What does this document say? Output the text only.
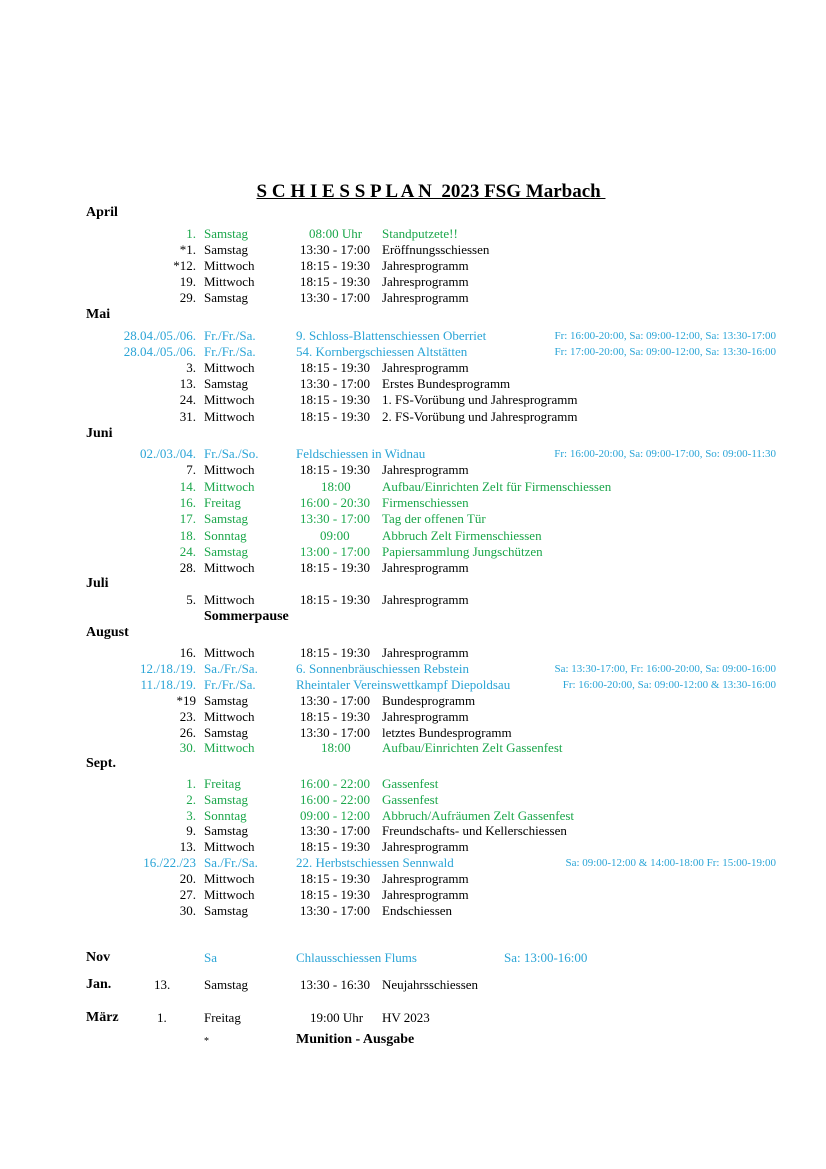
S C H I E S S P L A N  2023 FSG Marbach
April
1. Samstag	08:00 Uhr Standputzete!!
*1. Samstag	13:30 - 17:00 Eröffnungsschiessen
*12. Mittwoch	18:15 - 19:30 Jahresprogramm
19. Mittwoch	18:15 - 19:30 Jahresprogramm
29. Samstag	13:30 - 17:00 Jahresprogramm
Mai
28.04./05./06. Fr./Fr./Sa.	9. Schloss-Blattenschiessen Oberriet	Fr: 16:00-20:00, Sa: 09:00-12:00, Sa: 13:30-17:00
28.04./05./06. Fr./Fr./Sa.	54. Kornbergschiessen Altstätten	Fr: 17:00-20:00, Sa: 09:00-12:00, Sa: 13:30-16:00
3. Mittwoch	18:15 - 19:30 Jahresprogramm
13. Samstag	13:30 - 17:00 Erstes Bundesprogramm
24. Mittwoch	18:15 - 19:30 1. FS-Vorübung und Jahresprogramm
31. Mittwoch	18:15 - 19:30 2. FS-Vorübung und Jahresprogramm
Juni
02./03./04. Fr./Sa./So.	Feldschiessen in Widnau	Fr: 16:00-20:00, Sa: 09:00-17:00, So: 09:00-11:30
7. Mittwoch	18:15 - 19:30 Jahresprogramm
14. Mittwoch	18:00 Aufbau/Einrichten Zelt für Firmenschiessen
16. Freitag	16:00 - 20:30 Firmenschiessen
17. Samstag	13:30 - 17:00 Tag der offenen Tür
18. Sonntag	09:00 Abbruch Zelt Firmenschiessen
24. Samstag	13:00 - 17:00 Papiersammlung Jungschützen
28. Mittwoch	18:15 - 19:30 Jahresprogramm
Juli
5. Mittwoch	18:15 - 19:30 Jahresprogramm
Sommerpause
August
16. Mittwoch	18:15 - 19:30 Jahresprogramm
12./18./19. Sa./Fr./Sa.	6. Sonnenbräuschiessen Rebstein	Sa: 13:30-17:00, Fr: 16:00-20:00, Sa: 09:00-16:00
11./18./19. Fr./Fr./Sa.	Rheintaler Vereinswettkampf Diepoldsau	Fr: 16:00-20:00, Sa: 09:00-12:00 & 13:30-16:00
*19 Samstag	13:30 - 17:00 Bundesprogramm
23. Mittwoch	18:15 - 19:30 Jahresprogramm
26. Samstag	13:30 - 17:00 letztes Bundesprogramm
30. Mittwoch	18:00 Aufbau/Einrichten Zelt Gassenfest
Sept.
1. Freitag	16:00 - 22:00 Gassenfest
2. Samstag	16:00 - 22:00 Gassenfest
3. Sonntag	09:00 - 12:00 Abbruch/Aufräumen Zelt Gassenfest
9. Samstag	13:30 - 17:00 Freundschafts- und Kellerschiessen
13. Mittwoch	18:15 - 19:30 Jahresprogramm
16./22./23 Sa./Fr./Sa.	22. Herbstschiessen Sennwald	Sa: 09:00-12:00 & 14:00-18:00 Fr: 15:00-19:00
20. Mittwoch	18:15 - 19:30 Jahresprogramm
27. Mittwoch	18:15 - 19:30 Jahresprogramm
30. Samstag	13:30 - 17:00 Endschiessen
Nov	Sa	Chlausschiessen Flums	Sa: 13:00-16:00
Jan.	13.	Samstag	13:30 - 16:30 Neujahrsschiessen
März	1.	Freitag	19:00 Uhr HV 2023
*	Munition - Ausgabe
